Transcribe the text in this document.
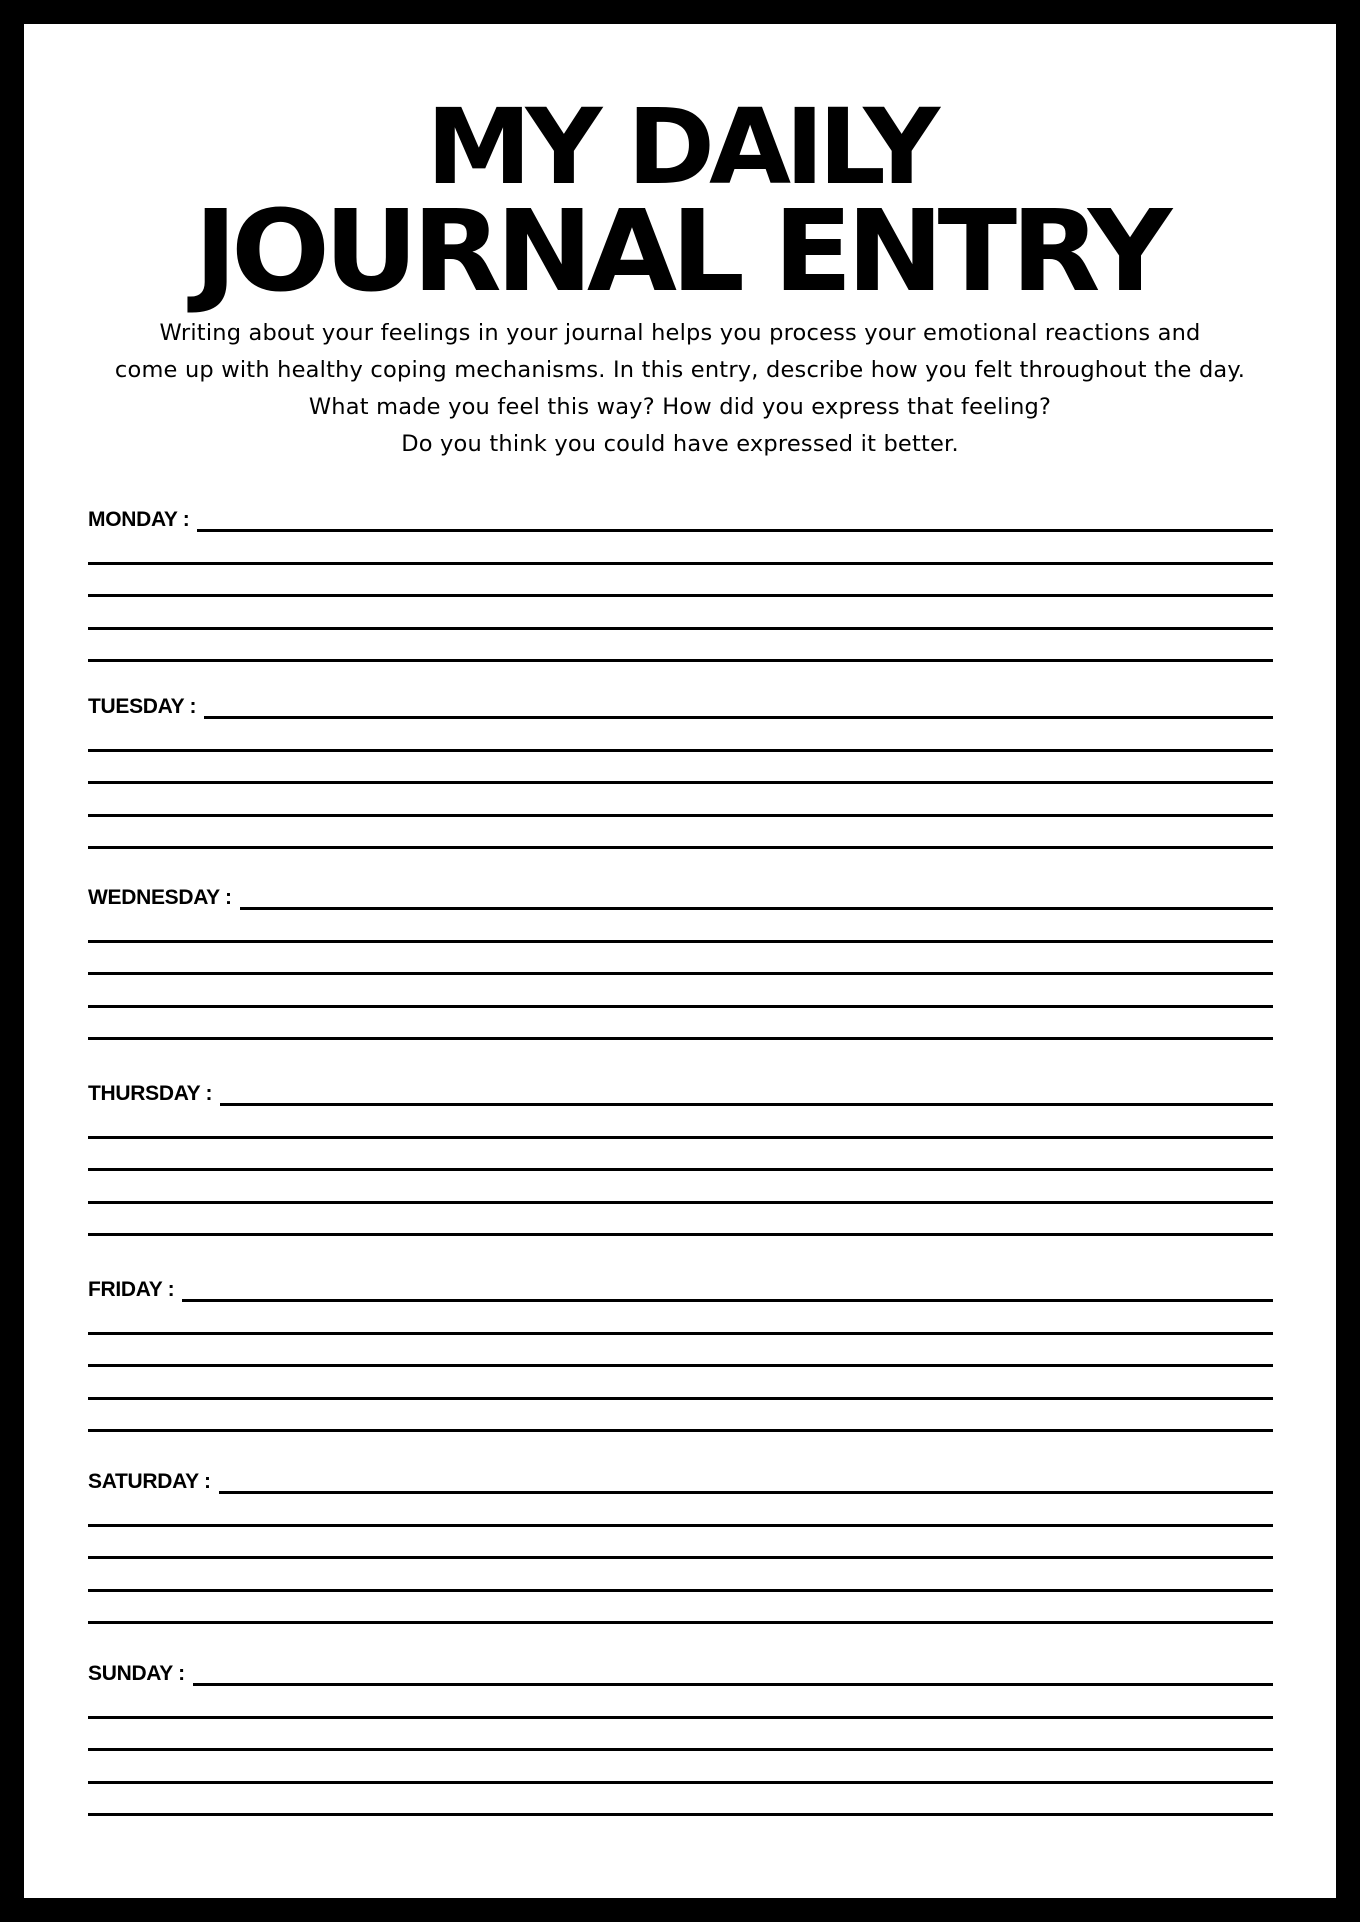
MY DAILY
JOURNAL ENTRY
Writing about your feelings in your journal helps you process your emotional reactions and
come up with healthy coping mechanisms. In this entry, describe how you felt throughout the day.
What made you feel this way? How did you express that feeling?
Do you think you could have expressed it better.
MONDAY :
TUESDAY :
WEDNESDAY :
THURSDAY :
FRIDAY :
SATURDAY :
SUNDAY :
